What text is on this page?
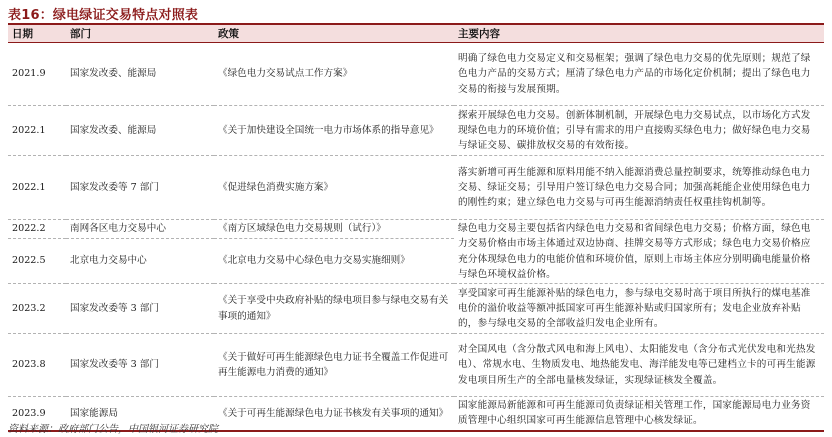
表16：绿电绿证交易特点对照表
日期	部门	政策	主要内容
2021.9	国家发改委、能源局	《绿色电力交易试点工作方案》	明确了绿色电力交易定义和交易框架；强调了绿色电力交易的优先原则；规范了绿色电力产品的交易方式；厘清了绿色电力产品的市场化定价机制；提出了绿色电力交易的衔接与发展预期。
2022.1	国家发改委、能源局	《关于加快建设全国统一电力市场体系的指导意见》	探索开展绿色电力交易。创新体制机制，开展绿色电力交易试点，以市场化方式发现绿色电力的环境价值；引导有需求的用户直接购买绿色电力；做好绿色电力交易与绿证交易、碳排放权交易的有效衔接。
2022.1	国家发改委等 7 部门	《促进绿色消费实施方案》	落实新增可再生能源和原料用能不纳入能源消费总量控制要求，统筹推动绿色电力交易、绿证交易；引导用户签订绿色电力交易合同；加强高耗能企业使用绿色电力的刚性约束；建立绿色电力交易与可再生能源消纳责任权重挂钩机制等。
2022.2	南网各区电力交易中心	《南方区域绿色电力交易规则（试行）》	绿色电力交易主要包括省内绿色电力交易和省间绿色电力交易；价格方面，绿色电力交易价格由市场主体通过双边协商、挂牌交易等方式形成；绿色电力交易价格应充分体现绿色电力的电能价值和环境价值，原则上市场主体应分别明确电能量价格与绿色环境权益价格。
2022.5	北京电力交易中心	《北京电力交易中心绿色电力交易实施细则》	
2023.2	国家发改委等 3 部门	《关于享受中央政府补贴的绿电项目参与绿电交易有关事项的通知》	享受国家可再生能源补贴的绿色电力，参与绿电交易时高于项目所执行的煤电基准电价的溢价收益等额冲抵国家可再生能源补贴或归国家所有；发电企业放弃补贴的，参与绿电交易的全部收益归发电企业所有。
2023.8	国家发改委等 3 部门	《关于做好可再生能源绿色电力证书全覆盖工作促进可再生能源电力消费的通知》	对全国风电（含分散式风电和海上风电）、太阳能发电（含分布式光伏发电和光热发电）、常规水电、生物质发电、地热能发电、海洋能发电等已建档立卡的可再生能源发电项目所生产的全部电量核发绿证，实现绿证核发全覆盖。
2023.9	国家能源局	《关于可再生能源绿色电力证书核发有关事项的通知》	国家能源局新能源和可再生能源司负责绿证相关管理工作，国家能源局电力业务资质管理中心组织国家可再生能源信息管理中心核发绿证。
资料来源：政府部门公告，中国银河证券研究院
